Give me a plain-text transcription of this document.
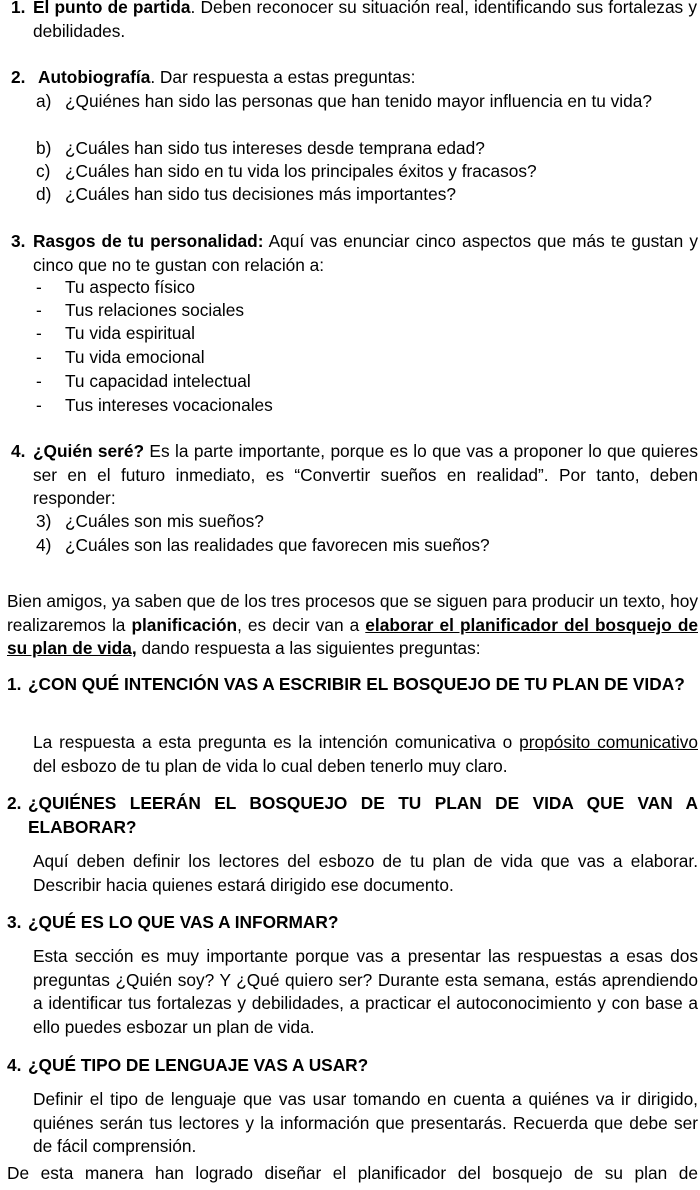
1. El punto de partida. Deben reconocer su situación real, identificando sus fortalezas y debilidades.
2. Autobiografía. Dar respuesta a estas preguntas:
a) ¿Quiénes han sido las personas que han tenido mayor influencia en tu vida?
b) ¿Cuáles han sido tus intereses desde temprana edad?
c) ¿Cuáles han sido en tu vida los principales éxitos y fracasos?
d) ¿Cuáles han sido tus decisiones más importantes?
3. Rasgos de tu personalidad: Aquí vas enunciar cinco aspectos que más te gustan y cinco que no te gustan con relación a:
- Tu aspecto físico
- Tus relaciones sociales
- Tu vida espiritual
- Tu vida emocional
- Tu capacidad intelectual
- Tus intereses vocacionales
4. ¿Quién seré? Es la parte importante, porque es lo que vas a proponer lo que quieres ser en el futuro inmediato, es “Convertir sueños en realidad”. Por tanto, deben responder:
3) ¿Cuáles son mis sueños?
4) ¿Cuáles son las realidades que favorecen mis sueños?
Bien amigos, ya saben que de los tres procesos que se siguen para producir un texto, hoy realizaremos la planificación, es decir van a elaborar el planificador del bosquejo de su plan de vida, dando respuesta a las siguientes preguntas:
1. ¿CON QUÉ INTENCIÓN VAS A ESCRIBIR EL BOSQUEJO DE TU PLAN DE VIDA?
La respuesta a esta pregunta es la intención comunicativa o propósito comunicativo del esbozo de tu plan de vida lo cual deben tenerlo muy claro.
2. ¿QUIÉNES LEERÁN EL BOSQUEJO DE TU PLAN DE VIDA QUE VAN A ELABORAR?
Aquí deben definir los lectores del esbozo de tu plan de vida que vas a elaborar. Describir hacia quienes estará dirigido ese documento.
3. ¿QUÉ ES LO QUE VAS A INFORMAR?
Esta sección es muy importante porque vas a presentar las respuestas a esas dos preguntas ¿Quién soy? Y ¿Qué quiero ser? Durante esta semana, estás aprendiendo a identificar tus fortalezas y debilidades, a practicar el autoconocimiento y con base a ello puedes esbozar un plan de vida.
4. ¿QUÉ TIPO DE LENGUAJE VAS A USAR?
Definir el tipo de lenguaje que vas usar tomando en cuenta a quiénes va ir dirigido, quiénes serán tus lectores y la información que presentarás. Recuerda que debe ser de fácil comprensión.
De esta manera han logrado diseñar el planificador del bosquejo de su plan de
